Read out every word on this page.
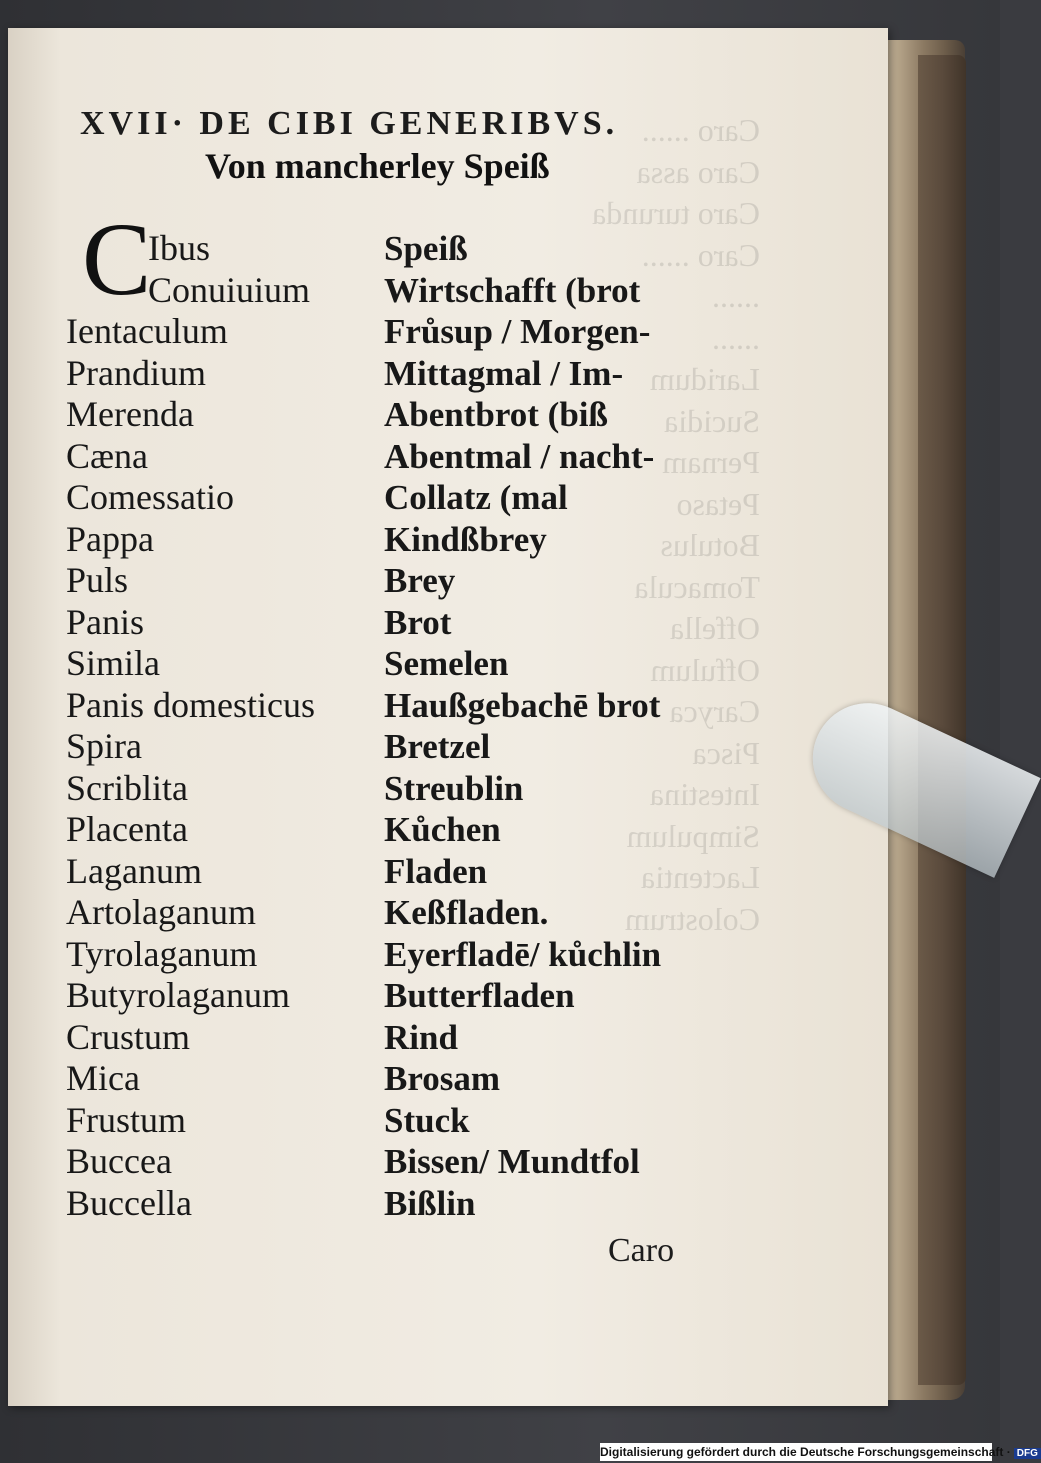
Caro ......
Caro assa
Caro turunda
Caro ......
......
......
Laridum
Sucidia
Pernam
Petaso
Botulus
Tomacula
Offella
Offulum
Caryca
Pisca
Intestina
Simpulum
Lactentia
Colostrum
XVII· DE CIBI GENERIBVS.
Von mancherley Speiß
C
Ibus
Conuiuium
Ientaculum
Prandium
Merenda
Cæna
Comessatio
Pappa
Puls
Panis
Simila
Panis domesticus
Spira
Scriblita
Placenta
Laganum
Artolaganum
Tyrolaganum
Butyrolaganum
Crustum
Mica
Frustum
Buccea
Buccella
Speiß
Wirtschafft (brot
Frůsup / Morgen-
Mittagmal / Im-
Abentbrot (biß
Abentmal / nacht-
Collatz (mal
Kindßbrey
Brey
Brot
Semelen
Haußgebachē brot
Bretzel
Streublin
Kůchen
Fladen
Keßfladen.
Eyerfladē/ kůchlin
Butterfladen
Rind
Brosam
Stuck
Bissen/ Mundtfol
Bißlin
Caro
Digitalisierung gefördert durch die Deutsche Forschungsgemeinschaft · DFG
